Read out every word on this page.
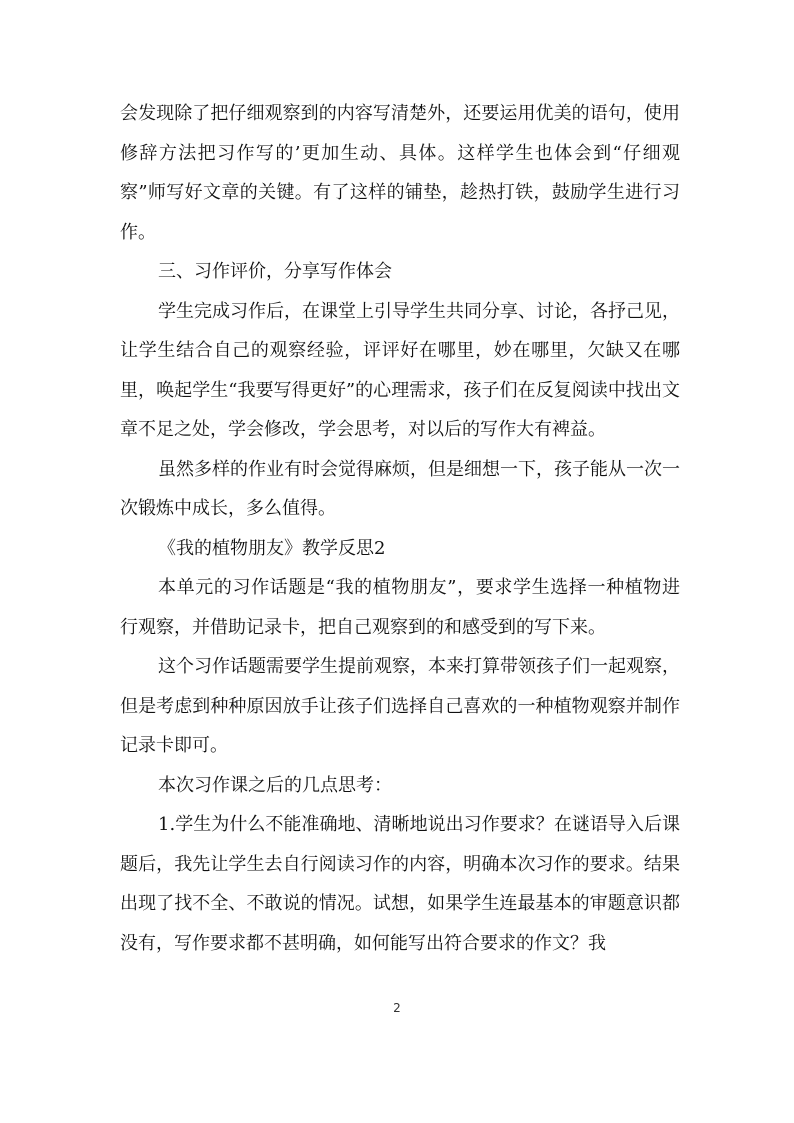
会发现除了把仔细观察到的内容写清楚外，还要运用优美的语句，使用修辞方法把习作写的’更加生动、具体。这样学生也体会到“仔细观察”师写好文章的关键。有了这样的铺垫，趁热打铁，鼓励学生进行习作。

三、习作评价，分享写作体会

学生完成习作后，在课堂上引导学生共同分享、讨论，各抒己见，让学生结合自己的观察经验，评评好在哪里，妙在哪里，欠缺又在哪里，唤起学生“我要写得更好”的心理需求，孩子们在反复阅读中找出文章不足之处，学会修改，学会思考，对以后的写作大有裨益。

虽然多样的作业有时会觉得麻烦，但是细想一下，孩子能从一次一次锻炼中成长，多么值得。

《我的植物朋友》教学反思2

本单元的习作话题是“我的植物朋友”，要求学生选择一种植物进行观察，并借助记录卡，把自己观察到的和感受到的写下来。

这个习作话题需要学生提前观察，本来打算带领孩子们一起观察，但是考虑到种种原因放手让孩子们选择自己喜欢的一种植物观察并制作记录卡即可。

本次习作课之后的几点思考：

1.学生为什么不能准确地、清晰地说出习作要求？在谜语导入后课题后，我先让学生去自行阅读习作的内容，明确本次习作的要求。结果出现了找不全、不敢说的情况。试想，如果学生连最基本的审题意识都没有，写作要求都不甚明确，如何能写出符合要求的作文？我

2
